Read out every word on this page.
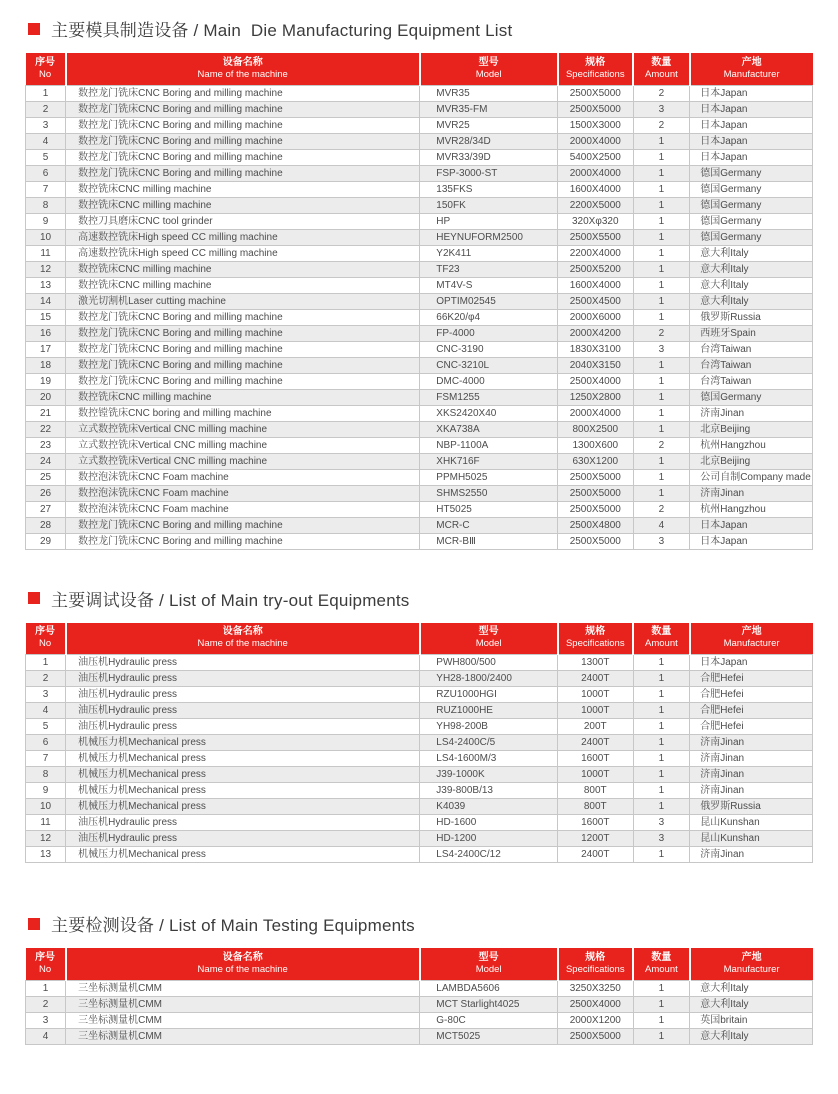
主要模具制造设备 / Main  Die Manufacturing Equipment List
序号
No	设备名称
Name of the machine	型号
Model	规格
Specifications	数量
Amount	产地
Manufacturer

1	数控龙门铣床CNC Boring and milling machine	MVR35	2500X5000	2	日本Japan
2	数控龙门铣床CNC Boring and milling machine	MVR35-FM	2500X5000	3	日本Japan
3	数控龙门铣床CNC Boring and milling machine	MVR25	1500X3000	2	日本Japan
4	数控龙门铣床CNC Boring and milling machine	MVR28/34D	2000X4000	1	日本Japan
5	数控龙门铣床CNC Boring and milling machine	MVR33/39D	5400X2500	1	日本Japan
6	数控龙门铣床CNC Boring and milling machine	FSP-3000-ST	2000X4000	1	德国Germany
7	数控铣床CNC milling machine	135FKS	1600X4000	1	德国Germany
8	数控铣床CNC milling machine	150FK	2200X5000	1	德国Germany
9	数控刀具磨床CNC tool grinder	HP	320Xφ320	1	德国Germany
10	高速数控铣床High speed CC milling machine	HEYNUFORM2500	2500X5500	1	德国Germany
11	高速数控铣床High speed CC milling machine	Y2K411	2200X4000	1	意大利Italy
12	数控铣床CNC milling machine	TF23	2500X5200	1	意大利Italy
13	数控铣床CNC milling machine	MT4V-S	1600X4000	1	意大利Italy
14	激光切割机Laser cutting machine	OPTIM02545	2500X4500	1	意大利Italy
15	数控龙门铣床CNC Boring and milling machine	66K20/φ4	2000X6000	1	俄罗斯Russia
16	数控龙门铣床CNC Boring and milling machine	FP-4000	2000X4200	2	西班牙Spain
17	数控龙门铣床CNC Boring and milling machine	CNC-3190	1830X3100	3	台湾Taiwan
18	数控龙门铣床CNC Boring and milling machine	CNC-3210L	2040X3150	1	台湾Taiwan
19	数控龙门铣床CNC Boring and milling machine	DMC-4000	2500X4000	1	台湾Taiwan
20	数控铣床CNC milling machine	FSM1255	1250X2800	1	德国Germany
21	数控镗铣床CNC boring and milling machine	XKS2420X40	2000X4000	1	济南Jinan
22	立式数控铣床Vertical CNC milling machine	XKA738A	800X2500	1	北京Beijing
23	立式数控铣床Vertical CNC milling machine	NBP-1100A	1300X600	2	杭州Hangzhou
24	立式数控铣床Vertical CNC milling machine	XHK716F	630X1200	1	北京Beijing
25	数控泡沫铣床CNC Foam machine	PPMH5025	2500X5000	1	公司自制Company made
26	数控泡沫铣床CNC Foam machine	SHMS2550	2500X5000	1	济南Jinan
27	数控泡沫铣床CNC Foam machine	HT5025	2500X5000	2	杭州Hangzhou
28	数控龙门铣床CNC Boring and milling machine	MCR-C	2500X4800	4	日本Japan
29	数控龙门铣床CNC Boring and milling machine	MCR-BⅢ	2500X5000	3	日本Japan
主要调试设备 / List of Main try-out Equipments
序号
No	设备名称
Name of the machine	型号
Model	规格
Specifications	数量
Amount	产地
Manufacturer

1	油压机Hydraulic press	PWH800/500	1300T	1	日本Japan
2	油压机Hydraulic press	YH28-1800/2400	2400T	1	合肥Hefei
3	油压机Hydraulic press	RZU1000HGI	1000T	1	合肥Hefei
4	油压机Hydraulic press	RUZ1000HE	1000T	1	合肥Hefei
5	油压机Hydraulic press	YH98-200B	200T	1	合肥Hefei
6	机械压力机Mechanical press	LS4-2400C/5	2400T	1	济南Jinan
7	机械压力机Mechanical press	LS4-1600M/3	1600T	1	济南Jinan
8	机械压力机Mechanical press	J39-1000K	1000T	1	济南Jinan
9	机械压力机Mechanical press	J39-800B/13	800T	1	济南Jinan
10	机械压力机Mechanical press	K4039	800T	1	俄罗斯Russia
11	油压机Hydraulic press	HD-1600	1600T	3	昆山Kunshan
12	油压机Hydraulic press	HD-1200	1200T	3	昆山Kunshan
13	机械压力机Mechanical press	LS4-2400C/12	2400T	1	济南Jinan
主要检测设备 / List of Main Testing Equipments
序号
No	设备名称
Name of the machine	型号
Model	规格
Specifications	数量
Amount	产地
Manufacturer

1	三坐标测量机CMM	LAMBDA5606	3250X3250	1	意大利Italy
2	三坐标测量机CMM	MCT Starlight4025	2500X4000	1	意大利Italy
3	三坐标测量机CMM	G-80C	2000X1200	1	英国britain
4	三坐标测量机CMM	MCT5025	2500X5000	1	意大利Italy
